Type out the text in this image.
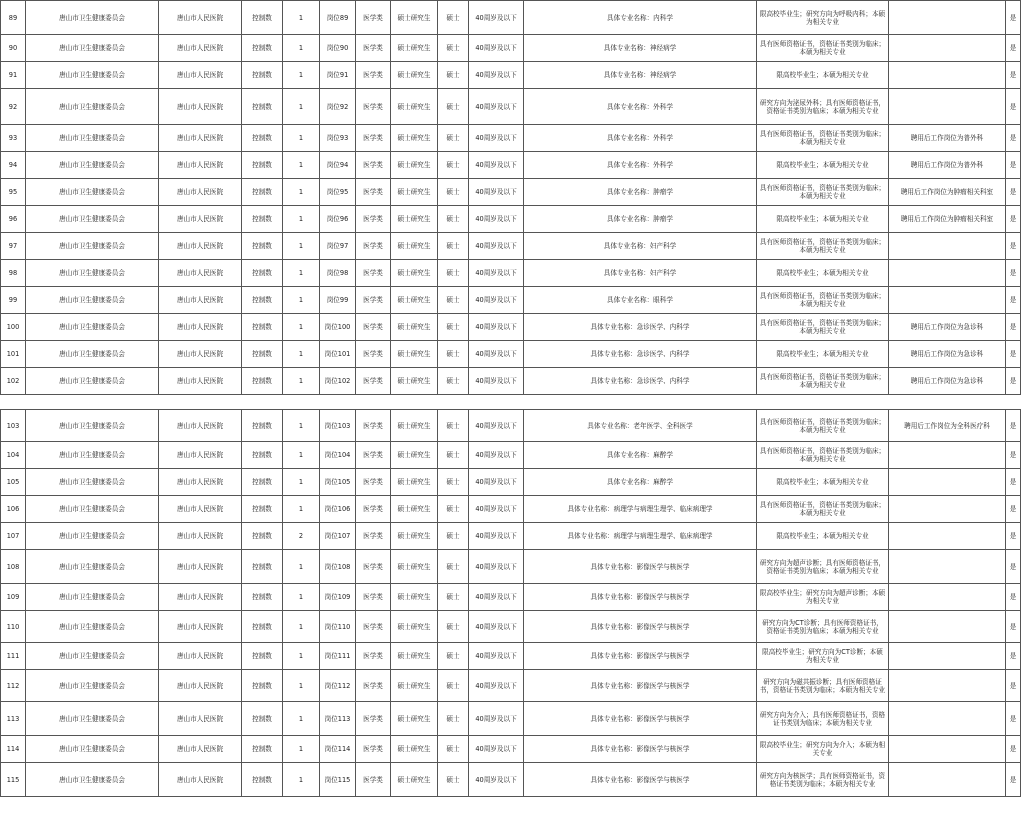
89	唐山市卫生健康委员会	唐山市人民医院	控制数	1	岗位89	医学类	硕士研究生	硕士	40周岁及以下	具体专业名称：内科学	限高校毕业生；研究方向为呼吸内科；本硕为相关专业		是
90	唐山市卫生健康委员会	唐山市人民医院	控制数	1	岗位90	医学类	硕士研究生	硕士	40周岁及以下	具体专业名称：神经病学	具有医师资格证书，资格证书类别为临床；本硕为相关专业		是
91	唐山市卫生健康委员会	唐山市人民医院	控制数	1	岗位91	医学类	硕士研究生	硕士	40周岁及以下	具体专业名称：神经病学	限高校毕业生；本硕为相关专业		是
92	唐山市卫生健康委员会	唐山市人民医院	控制数	1	岗位92	医学类	硕士研究生	硕士	40周岁及以下	具体专业名称：外科学	研究方向为泌尿外科；具有医师资格证书，资格证书类别为临床；本硕为相关专业		是
93	唐山市卫生健康委员会	唐山市人民医院	控制数	1	岗位93	医学类	硕士研究生	硕士	40周岁及以下	具体专业名称：外科学	具有医师资格证书，资格证书类别为临床；本硕为相关专业	聘用后工作岗位为普外科	是
94	唐山市卫生健康委员会	唐山市人民医院	控制数	1	岗位94	医学类	硕士研究生	硕士	40周岁及以下	具体专业名称：外科学	限高校毕业生；本硕为相关专业	聘用后工作岗位为普外科	是
95	唐山市卫生健康委员会	唐山市人民医院	控制数	1	岗位95	医学类	硕士研究生	硕士	40周岁及以下	具体专业名称：肿瘤学	具有医师资格证书，资格证书类别为临床；本硕为相关专业	聘用后工作岗位为肿瘤相关科室	是
96	唐山市卫生健康委员会	唐山市人民医院	控制数	1	岗位96	医学类	硕士研究生	硕士	40周岁及以下	具体专业名称：肿瘤学	限高校毕业生；本硕为相关专业	聘用后工作岗位为肿瘤相关科室	是
97	唐山市卫生健康委员会	唐山市人民医院	控制数	1	岗位97	医学类	硕士研究生	硕士	40周岁及以下	具体专业名称：妇产科学	具有医师资格证书，资格证书类别为临床；本硕为相关专业		是
98	唐山市卫生健康委员会	唐山市人民医院	控制数	1	岗位98	医学类	硕士研究生	硕士	40周岁及以下	具体专业名称：妇产科学	限高校毕业生；本硕为相关专业		是
99	唐山市卫生健康委员会	唐山市人民医院	控制数	1	岗位99	医学类	硕士研究生	硕士	40周岁及以下	具体专业名称：眼科学	具有医师资格证书，资格证书类别为临床；本硕为相关专业		是
100	唐山市卫生健康委员会	唐山市人民医院	控制数	1	岗位100	医学类	硕士研究生	硕士	40周岁及以下	具体专业名称：急诊医学、内科学	具有医师资格证书，资格证书类别为临床；本硕为相关专业	聘用后工作岗位为急诊科	是
101	唐山市卫生健康委员会	唐山市人民医院	控制数	1	岗位101	医学类	硕士研究生	硕士	40周岁及以下	具体专业名称：急诊医学、内科学	限高校毕业生；本硕为相关专业	聘用后工作岗位为急诊科	是
102	唐山市卫生健康委员会	唐山市人民医院	控制数	1	岗位102	医学类	硕士研究生	硕士	40周岁及以下	具体专业名称：急诊医学、内科学	具有医师资格证书，资格证书类别为临床；本硕为相关专业	聘用后工作岗位为急诊科	是
103	唐山市卫生健康委员会	唐山市人民医院	控制数	1	岗位103	医学类	硕士研究生	硕士	40周岁及以下	具体专业名称：老年医学、全科医学	具有医师资格证书，资格证书类别为临床；本硕为相关专业	聘用后工作岗位为全科医疗科	是
104	唐山市卫生健康委员会	唐山市人民医院	控制数	1	岗位104	医学类	硕士研究生	硕士	40周岁及以下	具体专业名称：麻醉学	具有医师资格证书，资格证书类别为临床；本硕为相关专业		是
105	唐山市卫生健康委员会	唐山市人民医院	控制数	1	岗位105	医学类	硕士研究生	硕士	40周岁及以下	具体专业名称：麻醉学	限高校毕业生；本硕为相关专业		是
106	唐山市卫生健康委员会	唐山市人民医院	控制数	1	岗位106	医学类	硕士研究生	硕士	40周岁及以下	具体专业名称：病理学与病理生理学、临床病理学	具有医师资格证书，资格证书类别为临床；本硕为相关专业		是
107	唐山市卫生健康委员会	唐山市人民医院	控制数	2	岗位107	医学类	硕士研究生	硕士	40周岁及以下	具体专业名称：病理学与病理生理学、临床病理学	限高校毕业生；本硕为相关专业		是
108	唐山市卫生健康委员会	唐山市人民医院	控制数	1	岗位108	医学类	硕士研究生	硕士	40周岁及以下	具体专业名称：影像医学与核医学	研究方向为超声诊断；具有医师资格证书，资格证书类别为临床；本硕为相关专业		是
109	唐山市卫生健康委员会	唐山市人民医院	控制数	1	岗位109	医学类	硕士研究生	硕士	40周岁及以下	具体专业名称：影像医学与核医学	限高校毕业生；研究方向为超声诊断；本硕为相关专业		是
110	唐山市卫生健康委员会	唐山市人民医院	控制数	1	岗位110	医学类	硕士研究生	硕士	40周岁及以下	具体专业名称：影像医学与核医学	研究方向为CT诊断；具有医师资格证书，资格证书类别为临床；本硕为相关专业		是
111	唐山市卫生健康委员会	唐山市人民医院	控制数	1	岗位111	医学类	硕士研究生	硕士	40周岁及以下	具体专业名称：影像医学与核医学	限高校毕业生；研究方向为CT诊断；本硕为相关专业		是
112	唐山市卫生健康委员会	唐山市人民医院	控制数	1	岗位112	医学类	硕士研究生	硕士	40周岁及以下	具体专业名称：影像医学与核医学	研究方向为磁共振诊断；具有医师资格证书，资格证书类别为临床；本硕为相关专业		是
113	唐山市卫生健康委员会	唐山市人民医院	控制数	1	岗位113	医学类	硕士研究生	硕士	40周岁及以下	具体专业名称：影像医学与核医学	研究方向为介入；具有医师资格证书，资格证书类别为临床；本硕为相关专业		是
114	唐山市卫生健康委员会	唐山市人民医院	控制数	1	岗位114	医学类	硕士研究生	硕士	40周岁及以下	具体专业名称：影像医学与核医学	限高校毕业生；研究方向为介入；本硕为相关专业		是
115	唐山市卫生健康委员会	唐山市人民医院	控制数	1	岗位115	医学类	硕士研究生	硕士	40周岁及以下	具体专业名称：影像医学与核医学	研究方向为核医学；具有医师资格证书，资格证书类别为临床；本硕为相关专业		是
